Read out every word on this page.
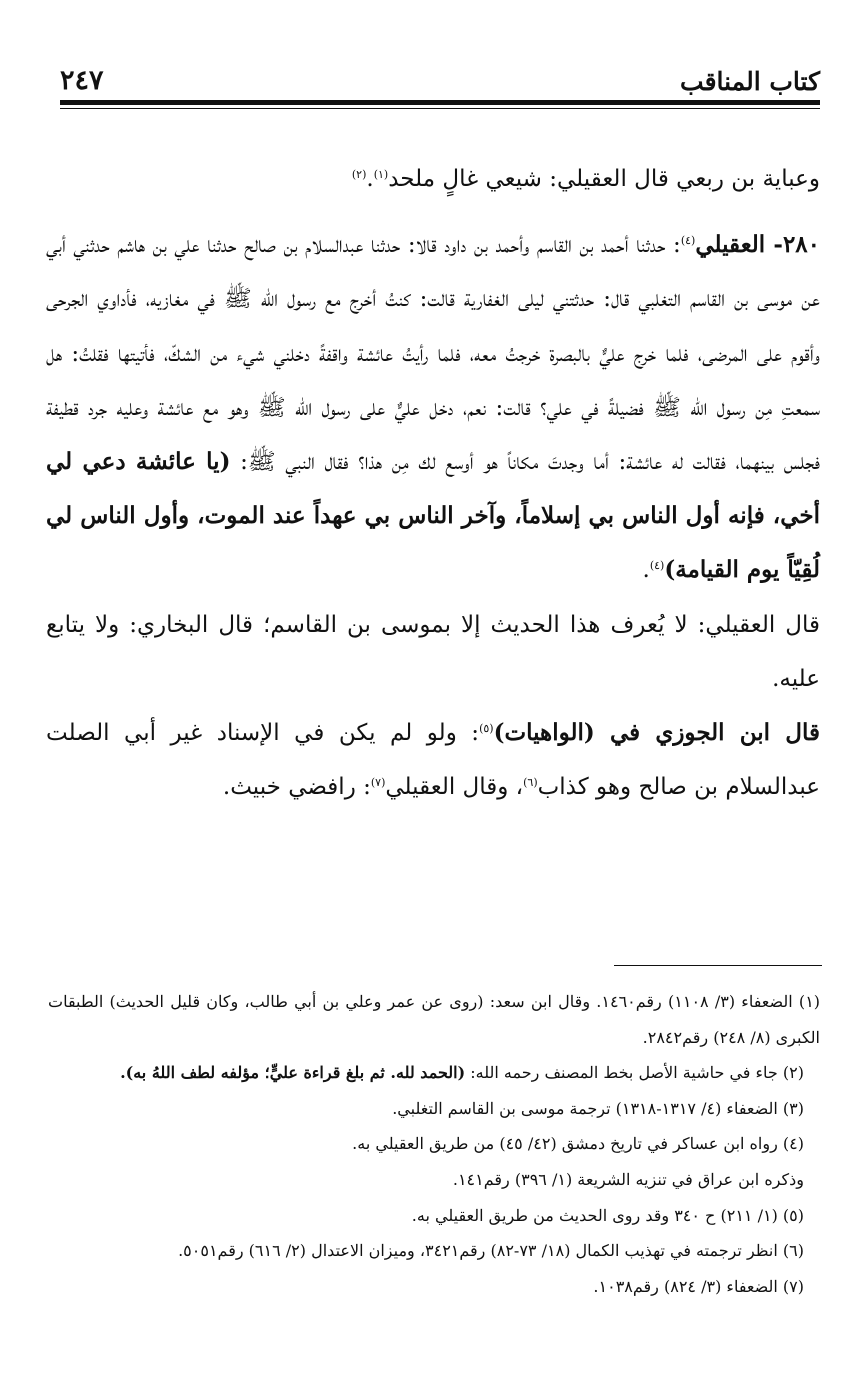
كتاب المناقب
٢٤٧

وعباية بن ربعي قال العقيلي: شيعي غالٍ ملحد$^{(١)}$.$^{(٢)}$

٢٨٠- العقيلي$^{(٤)}$: حدثنا أحمد بن القاسم وأحمد بن داود قالا: حدثنا عبدالسلام بن صالح حدثنا علي بن هاشم حدثني أبي عن موسى بن القاسم التغلبي قال: حدثتني ليلى الغفارية قالت: كنتُ أخرج مع رسول الله ﷺ في مغازيه، فأداوي الجرحى وأقوم على المرضى، فلما خرج عليٌّ بالبصرة خرجتُ معه، فلما رأيتُ عائشة واقفةً دخلني شيء من الشكّ، فأتيتها فقلتُ: هل سمعتِ مِن رسول الله ﷺ فضيلةً في علي؟ قالت: نعم، دخل عليٌّ على رسول الله ﷺ وهو مع عائشة وعليه جرد قطيفة فجلس بينهما، فقالت له عائشة: أما وجدتَ مكاناً هو أوسع لك مِن هذا؟ فقال النبي ﷺ: (يا عائشة دعي لي أخي، فإنه أول الناس بي إسلاماً، وآخر الناس بي عهداً عند الموت، وأول الناس لي لُقِيّاً يوم القيامة)$^{(٤)}$.

قال العقيلي: لا يُعرف هذا الحديث إلا بموسى بن القاسم؛ قال البخاري: ولا يتابع عليه.

قال ابن الجوزي في (الواهيات)$^{(٥)}$: ولو لم يكن في الإسناد غير أبي الصلت عبدالسلام بن صالح وهو كذاب$^{(٦)}$، وقال العقيلي$^{(٧)}$: رافضي خبيث.

(١) الضعفاء (٣/ ١١٠٨) رقم١٤٦٠. وقال ابن سعد: (روى عن عمر وعلي بن أبي طالب، وكان قليل الحديث) الطبقات الكبرى (٨/ ٢٤٨) رقم٢٨٤٢.

(٢) جاء في حاشية الأصل بخط المصنف رحمه الله: (الحمد لله. ثم بلغ قراءة عليٍّ؛ مؤلفه لطف اللهُ به).

(٣) الضعفاء (٤/ ١٣١٧-١٣١٨) ترجمة موسى بن القاسم التغلبي.

(٤) رواه ابن عساكر في تاريخ دمشق (٤٢/ ٤٥) من طريق العقيلي به.

وذكره ابن عراق في تنزيه الشريعة (١/ ٣٩٦) رقم١٤١.

(٥) (١/ ٢١١) ح ٣٤٠ وقد روى الحديث من طريق العقيلي به.

(٦) انظر ترجمته في تهذيب الكمال (١٨/ ٧٣-٨٢) رقم٣٤٢١، وميزان الاعتدال (٢/ ٦١٦) رقم٥٠٥١.

(٧) الضعفاء (٣/ ٨٢٤) رقم١٠٣٨.
